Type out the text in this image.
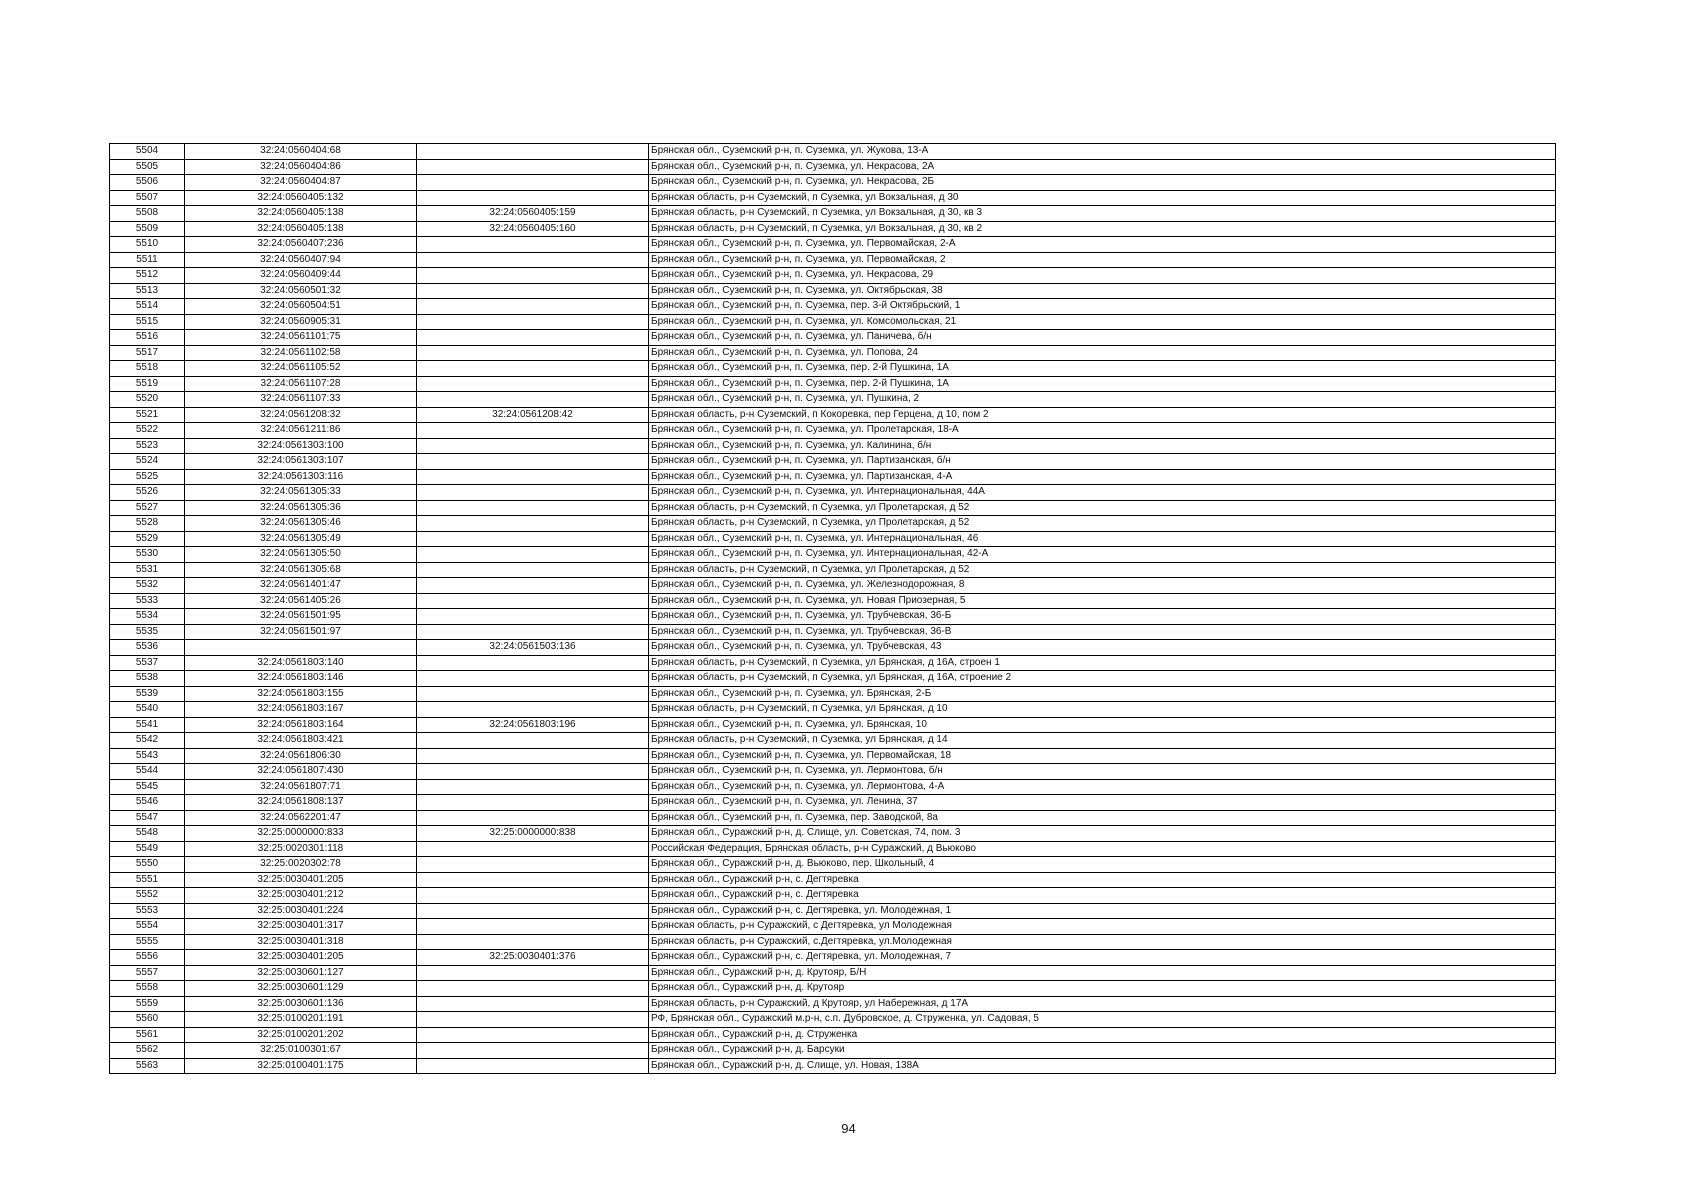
5504	32:24:0560404:68		Брянская обл., Суземский р-н, п. Суземка, ул. Жукова, 13-А
5505	32:24:0560404:86		Брянская обл., Суземский р-н, п. Суземка, ул. Некрасова, 2А
5506	32:24:0560404:87		Брянская обл., Суземский р-н, п. Суземка, ул. Некрасова, 2Б
5507	32:24:0560405:132		Брянская область, р-н Суземский, п Суземка, ул Вокзальная, д 30
5508	32:24:0560405:138	32:24:0560405:159	Брянская область, р-н Суземский, п Суземка, ул Вокзальная, д 30, кв 3
5509	32:24:0560405:138	32:24:0560405:160	Брянская область, р-н Суземский, п Суземка, ул Вокзальная, д 30, кв 2
5510	32:24:0560407:236		Брянская обл., Суземский р-н, п. Суземка, ул. Первомайская, 2-А
5511	32:24:0560407:94		Брянская обл., Суземский р-н, п. Суземка, ул. Первомайская, 2
5512	32:24:0560409:44		Брянская обл., Суземский р-н, п. Суземка, ул. Некрасова, 29
5513	32:24:0560501:32		Брянская обл., Суземский р-н, п. Суземка, ул. Октябрьская, 38
5514	32:24:0560504:51		Брянская обл., Суземский р-н, п. Суземка, пер. 3-й Октябрьский, 1
5515	32:24:0560905:31		Брянская обл., Суземский р-н, п. Суземка, ул. Комсомольская, 21
5516	32:24:0561101:75		Брянская обл., Суземский р-н, п. Суземка, ул. Паничева, б/н
5517	32:24:0561102:58		Брянская обл., Суземский р-н, п. Суземка, ул. Попова, 24
5518	32:24:0561105:52		Брянская обл., Суземский р-н, п. Суземка, пер. 2-й Пушкина, 1А
5519	32:24:0561107:28		Брянская обл., Суземский р-н, п. Суземка, пер. 2-й Пушкина, 1А
5520	32:24:0561107:33		Брянская обл., Суземский р-н, п. Суземка, ул. Пушкина, 2
5521	32:24:0561208:32	32:24:0561208:42	Брянская область, р-н Суземский, п Кокоревка, пер Герцена, д 10, пом 2
5522	32:24:0561211:86		Брянская обл., Суземский р-н, п. Суземка, ул. Пролетарская, 18-А
5523	32:24:0561303:100		Брянская обл., Суземский р-н, п. Суземка, ул. Калинина, б/н
5524	32:24:0561303:107		Брянская обл., Суземский р-н, п. Суземка, ул. Партизанская, б/н
5525	32:24:0561303:116		Брянская обл., Суземский р-н, п. Суземка, ул. Партизанская, 4-А
5526	32:24:0561305:33		Брянская обл., Суземский р-н, п. Суземка, ул. Интернациональная, 44А
5527	32:24:0561305:36		Брянская область, р-н Суземский, п Суземка, ул Пролетарская, д 52
5528	32:24:0561305:46		Брянская область, р-н Суземский, п Суземка, ул Пролетарская, д 52
5529	32:24:0561305:49		Брянская обл., Суземский р-н, п. Суземка, ул. Интернациональная, 46
5530	32:24:0561305:50		Брянская обл., Суземский р-н, п. Суземка, ул. Интернациональная, 42-А
5531	32:24:0561305:68		Брянская область, р-н Суземский, п Суземка, ул Пролетарская, д 52
5532	32:24:0561401:47		Брянская обл., Суземский р-н, п. Суземка, ул. Железнодорожная, 8
5533	32:24:0561405:26		Брянская обл., Суземский р-н, п. Суземка, ул. Новая Приозерная, 5
5534	32:24:0561501:95		Брянская обл., Суземский р-н, п. Суземка, ул. Трубчевская, 36-Б
5535	32:24:0561501:97		Брянская обл., Суземский р-н, п. Суземка, ул. Трубчевская, 36-В
5536		32:24:0561503:136	Брянская обл., Суземский р-н, п. Суземка, ул. Трубчевская, 43
5537	32:24:0561803:140		Брянская область, р-н Суземский, п Суземка, ул Брянская, д 16А, строен 1
5538	32:24:0561803:146		Брянская область, р-н Суземский, п Суземка, ул Брянская, д 16А, строение 2
5539	32:24:0561803:155		Брянская обл., Суземский р-н, п. Суземка, ул. Брянская, 2-Б
5540	32:24:0561803:167		Брянская область, р-н Суземский, п Суземка, ул Брянская, д 10
5541	32:24:0561803:164	32:24:0561803:196	Брянская обл., Суземский р-н, п. Суземка, ул. Брянская, 10
5542	32:24:0561803:421		Брянская область, р-н Суземский, п Суземка, ул Брянская, д 14
5543	32:24:0561806:30		Брянская обл., Суземский р-н, п. Суземка, ул. Первомайская, 18
5544	32:24:0561807:430		Брянская обл., Суземский р-н, п. Суземка, ул. Лермонтова, б/н
5545	32:24:0561807:71		Брянская обл., Суземский р-н, п. Суземка, ул. Лермонтова, 4-А
5546	32:24:0561808:137		Брянская обл., Суземский р-н, п. Суземка, ул. Ленина, 37
5547	32:24:0562201:47		Брянская обл., Суземский р-н, п. Суземка, пер. Заводской, 8а
5548	32:25:0000000:833	32:25:0000000:838	Брянская обл., Суражский р-н, д. Слище, ул. Советская, 74, пом. 3
5549	32:25:0020301:118		Российская Федерация, Брянская область, р-н Суражский, д Вьюково
5550	32:25:0020302:78		Брянская обл., Суражский р-н, д. Вьюково, пер. Школьный, 4
5551	32:25:0030401:205		Брянская обл., Суражский р-н, с. Дегтяревка
5552	32:25:0030401:212		Брянская обл., Суражский р-н, с. Дегтяревка
5553	32:25:0030401:224		Брянская обл., Суражский р-н, с. Дегтяревка, ул. Молодежная, 1
5554	32:25:0030401:317		Брянская область, р-н Суражский, с Дегтяревка, ул Молодежная
5555	32:25:0030401:318		Брянская область, р-н Суражский, с.Дегтяревка, ул.Молодежная
5556	32:25:0030401:205	32:25:0030401:376	Брянская обл., Суражский р-н, с. Дегтяревка, ул. Молодежная, 7
5557	32:25:0030601:127		Брянская обл., Суражский р-н, д. Крутояр, Б/Н
5558	32:25:0030601:129		Брянская обл., Суражский р-н, д. Крутояр
5559	32:25:0030601:136		Брянская область, р-н Суражский, д Крутояр, ул Набережная, д 17А
5560	32:25:0100201:191		РФ, Брянская обл., Суражский м.р-н, с.п. Дубровское, д. Струженка, ул. Садовая, 5
5561	32:25:0100201:202		Брянская обл., Суражский р-н, д. Струженка
5562	32:25:0100301:67		Брянская обл., Суражский р-н, д. Барсуки
5563	32:25:0100401:175		Брянская обл., Суражский р-н, д. Слище, ул. Новая, 138А
94
